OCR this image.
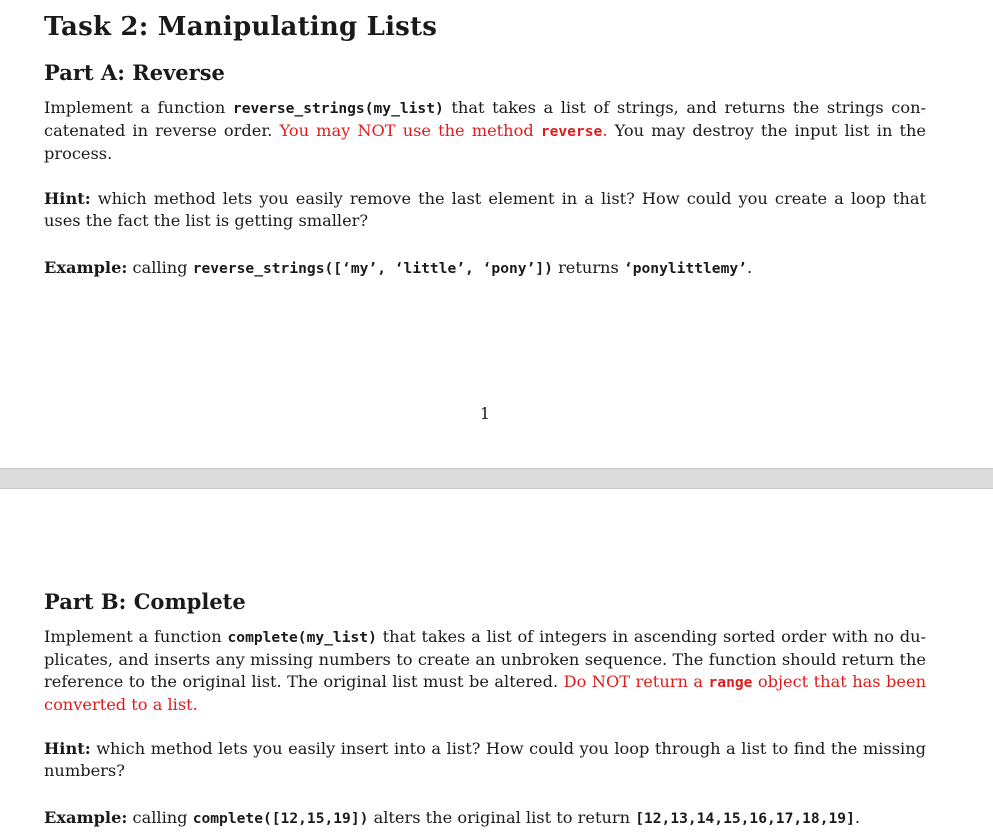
Task 2: Manipulating Lists
Part A: Reverse

Implement a function reverse_strings(my_list) that takes a list of strings, and returns the strings concatenated in reverse order. You may NOT use the method reverse. You may destroy the input list in the process.

Hint: which method lets you easily remove the last element in a list? How could you create a loop that uses the fact the list is getting smaller?

Example: calling reverse_strings([‘my’, ‘little’, ‘pony’]) returns ‘ponylittlemy’.

1
Part B: Complete

Implement a function complete(my_list) that takes a list of integers in ascending sorted order with no duplicates, and inserts any missing numbers to create an unbroken sequence. The function should return the reference to the original list. The original list must be altered. Do NOT return a range object that has been converted to a list.

Hint: which method lets you easily insert into a list? How could you loop through a list to find the missing numbers?

Example: calling complete([12,15,19]) alters the original list to return [12,13,14,15,16,17,18,19].
